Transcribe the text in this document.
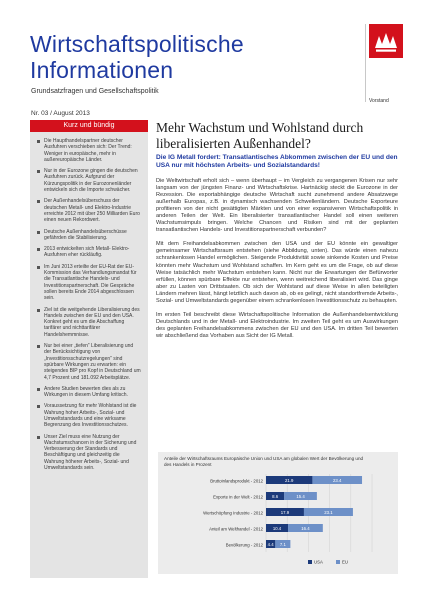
Wirtschaftspolitische
Informationen
Grundsatzfragen und Gesellschaftspolitik
Vorstand
Nr. 03 / August 2013
Kurz und bündig
Die Haupthandelspartner deutscher Ausfuhren verschieben sich: Der Trend: Weniger in europäische, mehr in außereuropäische Länder.
Nur in der Eurozone gingen die deutschen Ausfuhren zurück. Aufgrund der Kürzungspolitik in der Eurozonenländer entwickeln sich die Importe schwächer.
Der Außenhandelsüberschuss der deutschen Metall- und Elektro-Industrie erreichte 2012 mit über 250 Milliarden Euro einen neuen Rekordwert.
Deutsche Außenhandelsüberschüsse gefährden die Stabilisierung.
2013 entwickelten sich Metall- Elektro-Ausfuhren eher rückläufig.
Im Juni 2013 erteilte der EU-Rat der EU-Kommission das Verhandlungsmandat für die Transatlantische Handels- und Investitionspartnerschaft. Die Gespräche sollen bereits Ende 2014 abgeschlossen sein.
Ziel ist die weitgehende Liberalisierung des Handels zwischen der EU und den USA. Konkret geht es um die Abschaffung tarifärer und nichttarifärer Handelshemmnisse.
Nur bei einer „tiefen“ Liberalisierung und der Berücksichtigung von „Investitionsschutzregelungen“ sind spürbare Wirkungen zu erwarten: ein steigendes BIP pro Kopf in Deutschland um 4,7 Prozent und 181.092 Arbeitsplätze.
Andere Studien bewerten dies als zu Wirkungen in diesem Umfang kritisch.
Voraussetzung für mehr Wohlstand ist die Wahrung hoher Arbeits-, Sozial- und Umweltstandards und eine wirksame Begrenzung des Investitionsschutzes.
Unser Ziel muss eine Nutzung der Wachstumschancen in der Sicherung und Verbesserung der Standards und Beschäftigung und gleichzeitig die Wahrung höherer Arbeits-, Sozial- und Umweltstandards sein.
Mehr Wachstum und Wohlstand durch liberalisierten Außenhandel?
Die IG Metall fordert: Transatlantisches Abkommen zwischen der EU und den USA nur mit höchsten Arbeits- und Sozialstandards!

Die Weltwirtschaft erholt sich – wenn überhaupt – im Vergleich zu vergangenen Krisen nur sehr langsam von der jüngsten Finanz- und Wirtschaftskrise. Hartnäckig steckt die Eurozone in der Rezession. Die exportabhängige deutsche Wirtschaft sucht zunehmend andere Absatzwege außerhalb Europas, z.B. in dynamisch wachsenden Schwellenländern. Deutsche Exporteure profitieren von der nicht gesättigten Märkten und von einer expansiveren Wirtschaftspolitik in anderen Teilen der Welt. Ein liberalisierter transatlantischer Handel soll einen weiteren Wachstumsimpuls bringen. Welche Chancen und Risiken sind mit der geplanten transatlantischen Handels- und Investitionspartnerschaft verbunden?

Mit dem Freihandelsabkommen zwischen den USA und der EU könnte ein gewaltiger gemeinsamer Wirtschaftsraum entstehen (siehe Abbildung, unten). Das würde einen nahezu schrankenlosen Handel ermöglichen. Steigende Produktivität sowie sinkende Kosten und Preise könnten mehr Wachstum und Wohlstand schaffen. Im Kern geht es um die Frage, ob auf diese Weise tatsächlich mehr Wachstum entstehen kann. Nicht nur die Erwartungen der Befürworter erfüllen, können spürbare Effekte nur entstehen, wenn weitreichend liberalisiert wird. Das ginge aber zu Lasten von Drittstaaten. Ob sich der Wohlstand auf diese Weise in allen beteiligten Ländern mehren lässt, hängt letztlich auch davon ab, ob es gelingt, nicht standortfremde Arbeits-, Sozial- und Umweltstandards gegenüber einem schrankenlosen Investitionsschutz zu behaupten.

Im ersten Teil beschreibt diese Wirtschaftspolitische Information die Außenhandelsentwicklung Deutschlands und in der Metall- und Elektroindustrie. Im zweiten Teil geht es um Auswirkungen des geplanten Freihandelsabkommens zwischen der EU und den USA. Im dritten Teil bewerten wir abschließend das Vorhaben aus Sicht der IG Metall.

Anteile der Wirtschaftsraums Europäische Union und USA am globalen Wert der Bevölkerung und des Handels in Prozent
Bruttoinlandsprodukt - 2012	21.9	23.4
Exporte in der Welt - 2012 8.6	15.4
Wertschöpfung Industrie - 2012	17.9	23.1
Anteil am Welthandel - 2012 10.4	16.4
Bevölkerung - 2012 4.4 7.1
USA	EU
